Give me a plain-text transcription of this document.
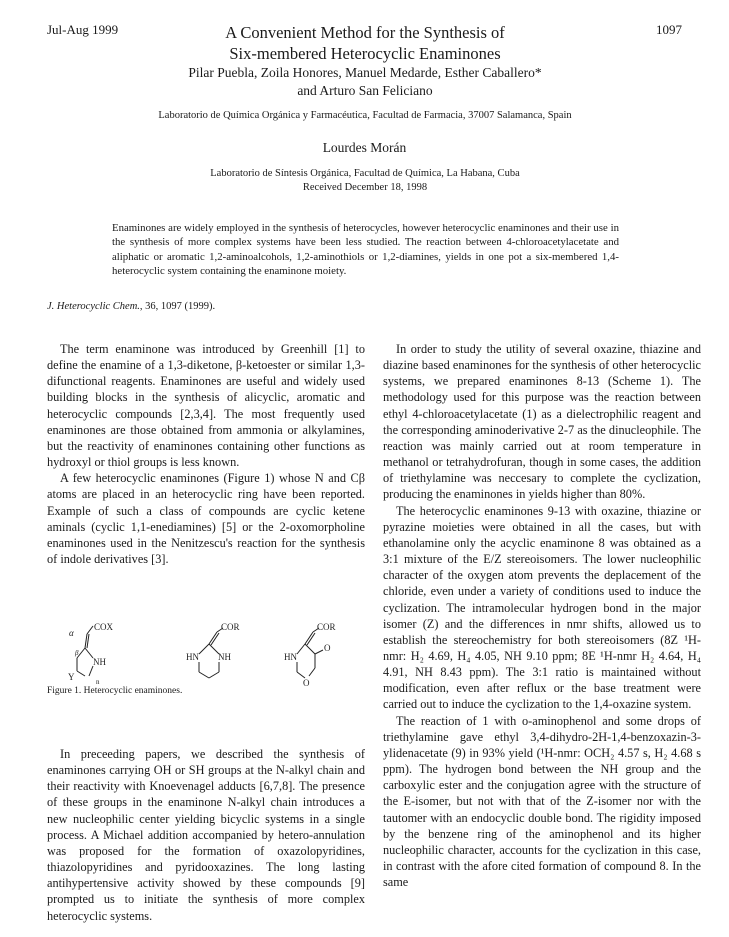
Jul-Aug 1999	1097
A Convenient Method for the Synthesis of
Six-membered Heterocyclic Enaminones
Pilar Puebla, Zoila Honores, Manuel Medarde, Esther Caballero*
and Arturo San Feliciano
Laboratorio de Química Orgánica y Farmacéutica, Facultad de Farmacia, 37007 Salamanca, Spain
Lourdes Morán
Laboratorio de Síntesis Orgánica, Facultad de Química, La Habana, Cuba
Received December 18, 1998
Enaminones are widely employed in the synthesis of heterocycles, however heterocyclic enaminones and their use in the synthesis of more complex systems have been less studied. The reaction between 4-chloroacetylacetate and aliphatic or aromatic 1,2-aminoalcohols, 1,2-aminothiols or 1,2-diamines, yields in one pot a six-membered 1,4-heterocyclic system containing the enaminone moiety.
J. Heterocyclic Chem., 36, 1097 (1999).

The term enaminone was introduced by Greenhill [1] to define the enamine of a 1,3-diketone, β-ketoester or similar 1,3-difunctional reagents. Enaminones are useful and widely used building blocks in the synthesis of alicyclic, aromatic and heterocyclic compounds [2,3,4]. The most frequently used enaminones are those obtained from ammonia or alkylamines, but the reactivity of enaminones containing other functions as hydroxyl or thiol groups is less known.

A few heterocyclic enaminones (Figure 1) whose N and Cβ atoms are placed in an heterocyclic ring have been reported. Example of such a class of compounds are cyclic ketene aminals (cyclic 1,1-enediamines) [5] or the 2-oxomorpholine enaminones used in the Nenitzescu's reaction for the synthesis of indole derivatives [3].

COX
α
β
NH
Y	n
COR
HN NH
COR
HN
O
O
Figure 1. Heterocyclic enaminones.

In preceeding papers, we described the synthesis of enaminones carrying OH or SH groups at the N-alkyl chain and their reactivity with Knoevenagel adducts [6,7,8]. The presence of these groups in the enaminone N-alkyl chain introduces a new nucleophilic center yielding bicyclic systems in a single process. A Michael addition accompanied by hetero-annulation was proposed for the formation of oxazolopyridines, thiazolopyridines and pyridooxazines. The long lasting antihypertensive activity showed by these compounds [9] prompted us to initiate the synthesis of more complex heterocyclic systems.

In order to study the utility of several oxazine, thiazine and diazine based enaminones for the synthesis of other heterocyclic systems, we prepared enaminones 8-13 (Scheme 1). The methodology used for this purpose was the reaction between ethyl 4-chloroacetylacetate (1) as a dielectrophilic reagent and the corresponding aminoderivative 2-7 as the dinucleophile. The reaction was mainly carried out at room temperature in methanol or tetrahydrofuran, though in some cases, the addition of triethylamine was neccesary to complete the cyclization, producing the enaminones in yields higher than 80%.

The heterocyclic enaminones 9-13 with oxazine, thiazine or pyrazine moieties were obtained in all the cases, but with ethanolamine only the acyclic enaminone 8 was obtained as a 3:1 mixture of the E/Z stereoisomers. The lower nucleophilic character of the oxygen atom prevents the deplacement of the chloride, even under a variety of conditions used to induce the cyclization. The intramolecular hydrogen bond in the major isomer (Z) and the differences in nmr shifts, allowed us to establish the stereochemistry for both stereoisomers (8Z ¹H-nmr: H₂ 4.69, H₄ 4.05, NH 9.10 ppm; 8E ¹H-nmr H₂ 4.64, H₄ 4.91, NH 8.43 ppm). The 3:1 ratio is maintained without modification, even after reflux or the base treatment were carried out to induce the cyclization to the 1,4-oxazine system.

The reaction of 1 with o-aminophenol and some drops of triethylamine gave ethyl 3,4-dihydro-2H-1,4-benzoxazin-3-ylidenacetate (9) in 93% yield (¹H-nmr: OCH₂ 4.57 s, H₂ 4.68 s ppm). The hydrogen bond between the NH group and the carboxylic ester and the conjugation agree with the structure of the E-isomer, but not with that of the Z-isomer nor with the tautomer with an endocyclic double bond. The rigidity imposed by the benzene ring of the aminophenol and its higher nucleophilic character, accounts for the cyclization in this case, in contrast with the afore cited formation of compound 8. In the same
